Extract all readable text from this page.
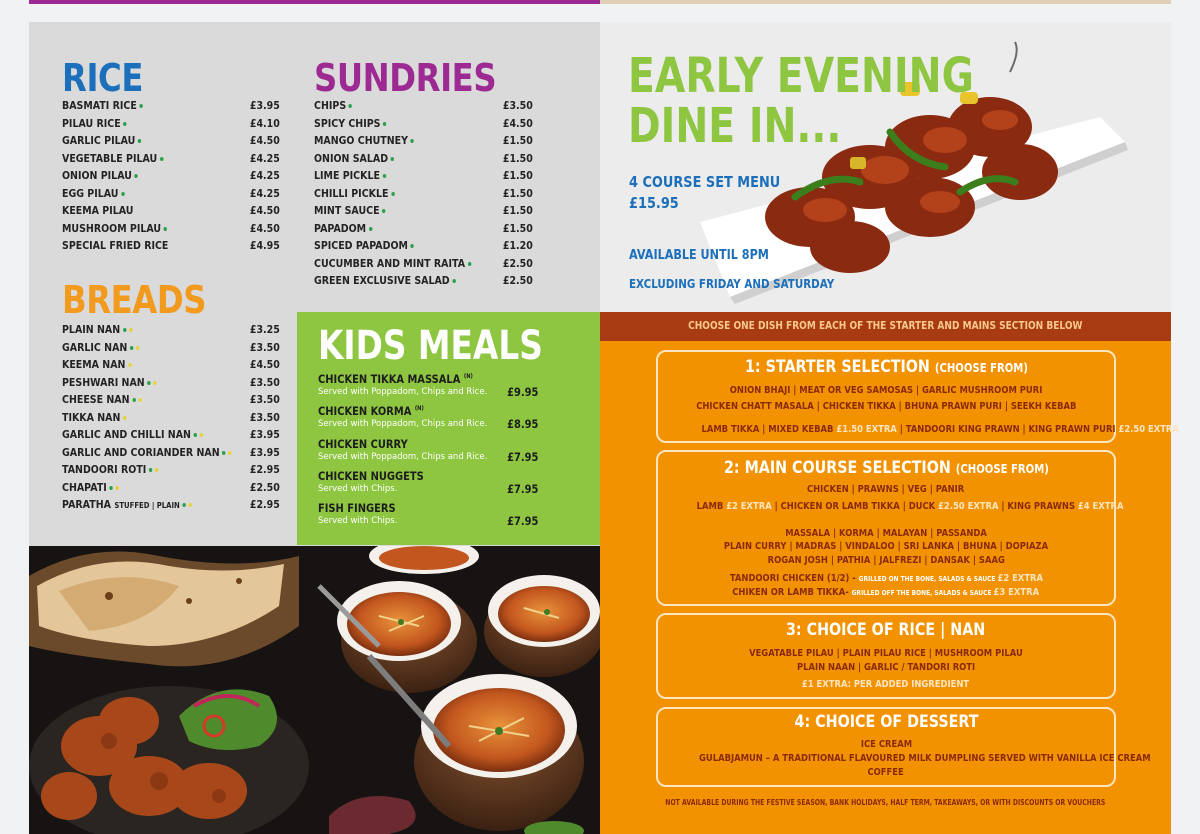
RICE
BASMATI RICE	£3.95
PILAU RICE	£4.10
GARLIC PILAU	£4.50
VEGETABLE PILAU	£4.25
ONION PILAU	£4.25
EGG PILAU	£4.25
KEEMA PILAU	£4.50
MUSHROOM PILAU	£4.50
SPECIAL FRIED RICE	£4.95
BREADS
PLAIN NAN	£3.25
GARLIC NAN	£3.50
KEEMA NAN	£4.50
PESHWARI NAN	£3.50
CHEESE NAN	£3.50
TIKKA NAN	£3.50
GARLIC AND CHILLI NAN	£3.95
GARLIC AND CORIANDER NAN	£3.95
TANDOORI ROTI	£2.95
CHAPATI	£2.50
PARATHA STUFFED | PLAIN	£2.95
SUNDRIES
CHIPS	£3.50
SPICY CHIPS	£4.50
MANGO CHUTNEY	£1.50
ONION SALAD	£1.50
LIME PICKLE	£1.50
CHILLI PICKLE	£1.50
MINT SAUCE	£1.50
PAPADOM	£1.50
SPICED PAPADOM	£1.20
CUCUMBER AND MINT RAITA	£2.50
GREEN EXCLUSIVE SALAD	£2.50
KIDS MEALS
CHICKEN TIKKA MASSALA $^{(N)}$
Served with Poppadom, Chips and Rice.	£9.95
CHICKEN KORMA $^{(N)}$
Served with Poppadom, Chips and Rice.	£8.95
CHICKEN CURRY
Served with Poppadom, Chips and Rice.	£7.95
CHICKEN NUGGETS
Served with Chips.	£7.95
FISH FINGERS
Served with Chips.	£7.95
EARLY EVENING
DINE IN...
4 COURSE SET MENU
£15.95
AVAILABLE UNTIL 8PM
EXCLUDING FRIDAY AND SATURDAY
CHOOSE ONE DISH FROM EACH OF THE STARTER AND MAINS SECTION BELOW
1: STARTER SELECTION (CHOOSE FROM)
ONION BHAJI | MEAT OR VEG SAMOSAS | GARLIC MUSHROOM PURI
CHICKEN CHATT MASALA | CHICKEN TIKKA | BHUNA PRAWN PURI | SEEKH KEBAB
LAMB TIKKA | MIXED KEBAB £1.50 EXTRA | TANDOORI KING PRAWN | KING PRAWN PURI £2.50 EXTRA
2: MAIN COURSE SELECTION (CHOOSE FROM)
CHICKEN | PRAWNS | VEG | PANIR
LAMB £2 EXTRA | CHICKEN OR LAMB TIKKA | DUCK £2.50 EXTRA | KING PRAWNS £4 EXTRA
MASSALA | KORMA | MALAYAN | PASSANDA
PLAIN CURRY | MADRAS | VINDALOO | SRI LANKA | BHUNA | DOPIAZA
ROGAN JOSH | PATHIA | JALFREZI | DANSAK | SAAG
TANDOORI CHICKEN (1/2) - GRILLED ON THE BONE, SALADS & SAUCE £2 EXTRA
CHIKEN OR LAMB TIKKA- GRILLED OFF THE BONE, SALADS & SAUCE £3 EXTRA
3: CHOICE OF RICE | NAN
VEGATABLE PILAU | PLAIN PILAU RICE | MUSHROOM PILAU
PLAIN NAAN | GARLIC / TANDORI ROTI
£1 EXTRA: PER ADDED INGREDIENT
4: CHOICE OF DESSERT
ICE CREAM
GULABJAMUN – A TRADITIONAL FLAVOURED MILK DUMPLING SERVED WITH VANILLA ICE CREAM
COFFEE
NOT AVAILABLE DURING THE FESTIVE SEASON, BANK HOLIDAYS, HALF TERM, TAKEAWAYS, OR WITH DISCOUNTS OR VOUCHERS
